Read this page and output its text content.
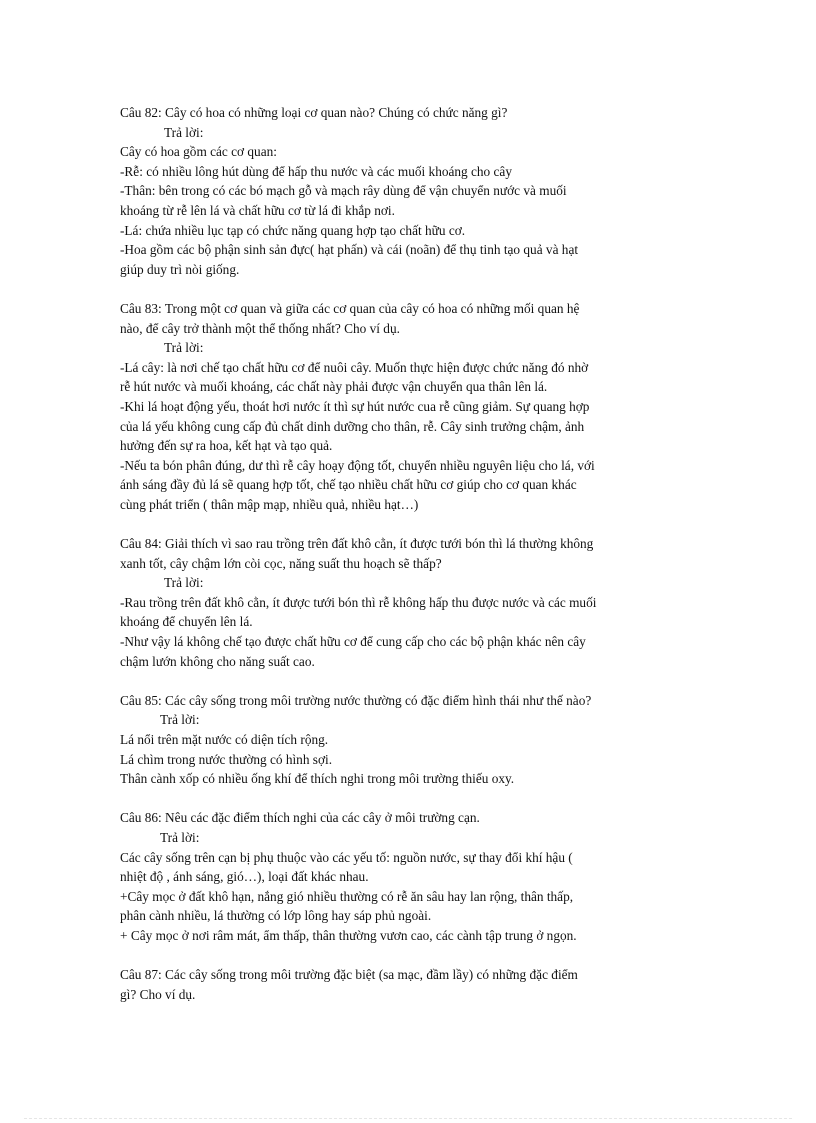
Câu 82: Cây có hoa có những loại cơ quan nào? Chúng có chức năng gì?
Trả lời:
Cây có hoa gồm các cơ quan:
-Rễ: có nhiều lông hút dùng để hấp thu nước và các muối khoáng cho cây
-Thân: bên trong có các bó mạch gỗ và mạch rây dùng để vận chuyển nước và muối
khoáng từ rễ lên lá và chất hữu cơ từ lá đi khắp nơi.
-Lá: chứa nhiều lục tạp có chức năng quang hợp tạo chất hữu cơ.
-Hoa gồm các bộ phận sinh sản đực( hạt phấn) và cái (noãn) để thụ tinh tạo quả và hạt
giúp duy trì nòi giống.
Câu 83: Trong một cơ quan và giữa các cơ quan của cây có hoa có những mối quan hệ
nào, để cây trở thành một thể thống nhất? Cho ví dụ.
Trả lời:
-Lá cây: là nơi chế tạo chất hữu cơ để nuôi cây. Muốn thực hiện được chức năng đó nhờ
rễ hút nước và muối khoáng, các chất này phải được vận chuyển qua thân lên lá.
-Khi lá hoạt động yếu, thoát hơi nước ít thì sự hút nước cua rễ cũng giảm. Sự quang hợp
của lá yếu không cung cấp đủ chất dinh dưỡng cho thân, rễ. Cây sinh trưởng chậm, ảnh
hưởng đến sự ra hoa, kết hạt và tạo quả.
-Nếu ta bón phân đúng, dư thì rễ cây hoạy động tốt, chuyển nhiều nguyên liệu cho lá, với
ánh sáng đầy đủ lá sẽ quang hợp tốt, chế tạo nhiều chất hữu cơ giúp cho cơ quan khác
cùng phát triển ( thân mập mạp, nhiều quả, nhiều hạt…)
Câu 84: Giải thích vì sao rau trồng trên đất khô cằn, ít được tưới bón thì lá thường không
xanh tốt, cây chậm lớn còi cọc, năng suất thu hoạch sẽ thấp?
Trả lời:
-Rau trồng trên đất khô cằn, ít được tưới bón thì rễ không hấp thu được nước và các muối
khoáng để chuyển lên lá.
-Như vậy lá không chế tạo được chất hữu cơ để cung cấp cho các bộ phận khác nên cây
chậm lướn không cho năng suất cao.
Câu 85: Các cây sống trong môi trường nước thường có đặc điểm hình thái như thế nào?
Trả lời:
Lá nổi trên mặt nước có diện tích rộng.
Lá chìm trong nước thường có hình sợi.
Thân cành xốp có nhiều ống khí để thích nghi trong môi trường thiếu oxy.
Câu 86: Nêu các đặc điểm thích nghi của các cây ở môi trường cạn.
Trả lời:
Các cây sống trên cạn bị phụ thuộc vào các yếu tố: nguồn nước, sự thay đổi khí hậu (
nhiệt độ , ánh sáng, gió…), loại đất khác nhau.
+Cây mọc ở đất khô hạn, nắng gió nhiều thường có rễ ăn sâu hay lan rộng, thân thấp,
phân cành nhiều, lá thường có lớp lông hay sáp phủ ngoài.
+ Cây mọc ở nơi râm mát, ẩm thấp, thân thường vươn cao, các cành tập trung ở ngọn.
Câu 87: Các cây sống trong môi trường đặc biệt (sa mạc, đầm lầy) có những đặc điểm
gì? Cho ví dụ.
